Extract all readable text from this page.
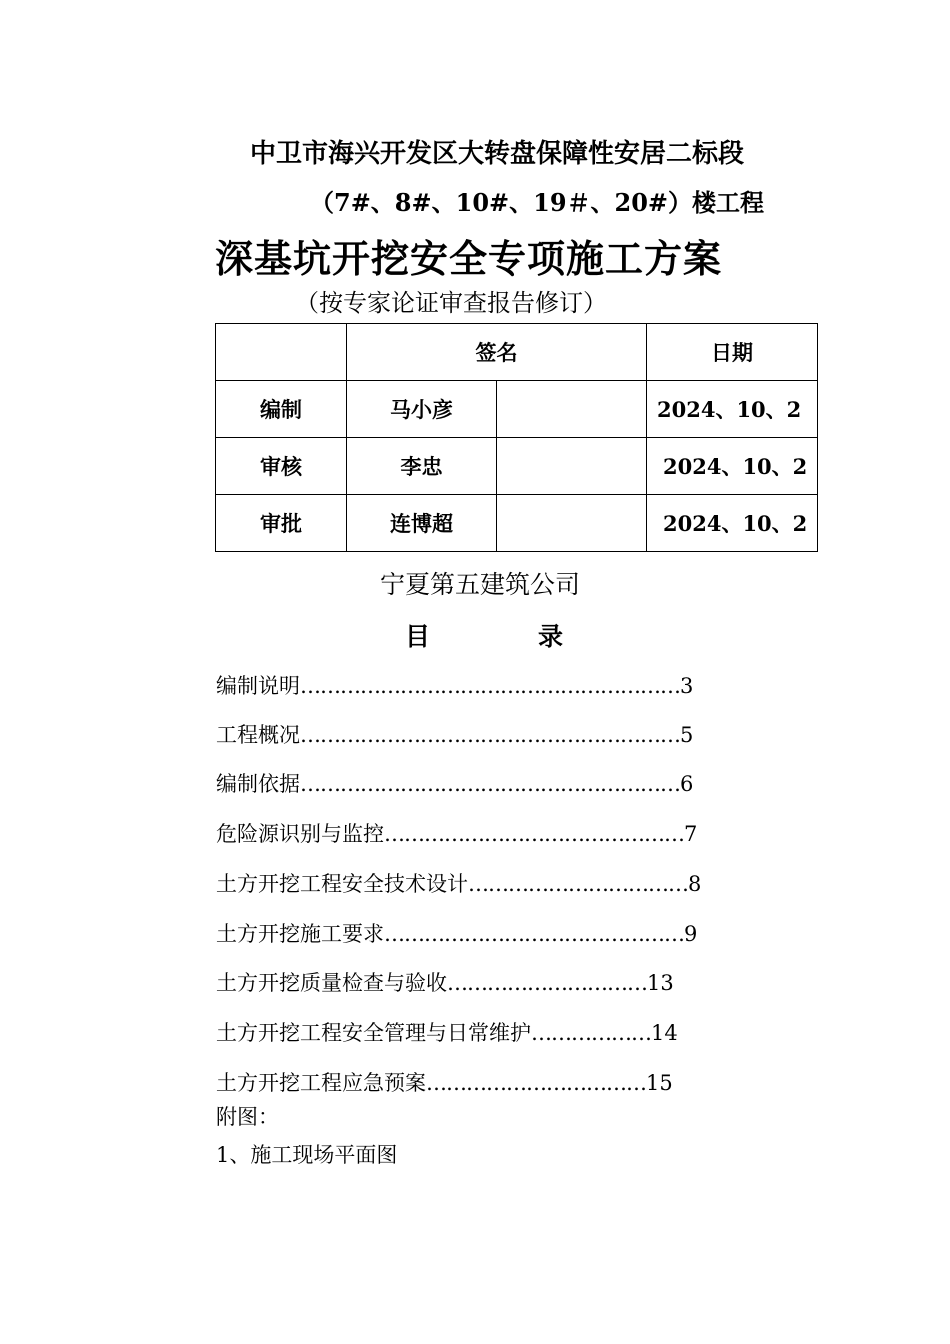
中卫市海兴开发区大转盘保障性安居二标段
（7#、8#、10#、19＃、20#）楼工程
深基坑开挖安全专项施工方案
（按专家论证审查报告修订）
	签名		日期
编制	马小彦		2024、10、2
审核	李忠		2024、10、2
审批	连博超		2024、10、2
宁夏第五建筑公司
目	录
编制说明…………………………………………………3
工程概况…………………………………………………5
编制依据…………………………………………………6
危险源识别与监控………………………………………7
土方开挖工程安全技术设计……………………………8
土方开挖施工要求………………………………………9
土方开挖质量检查与验收…………………………13
土方开挖工程安全管理与日常维护………………14
土方开挖工程应急预案……………………………15
附图：
1、施工现场平面图
